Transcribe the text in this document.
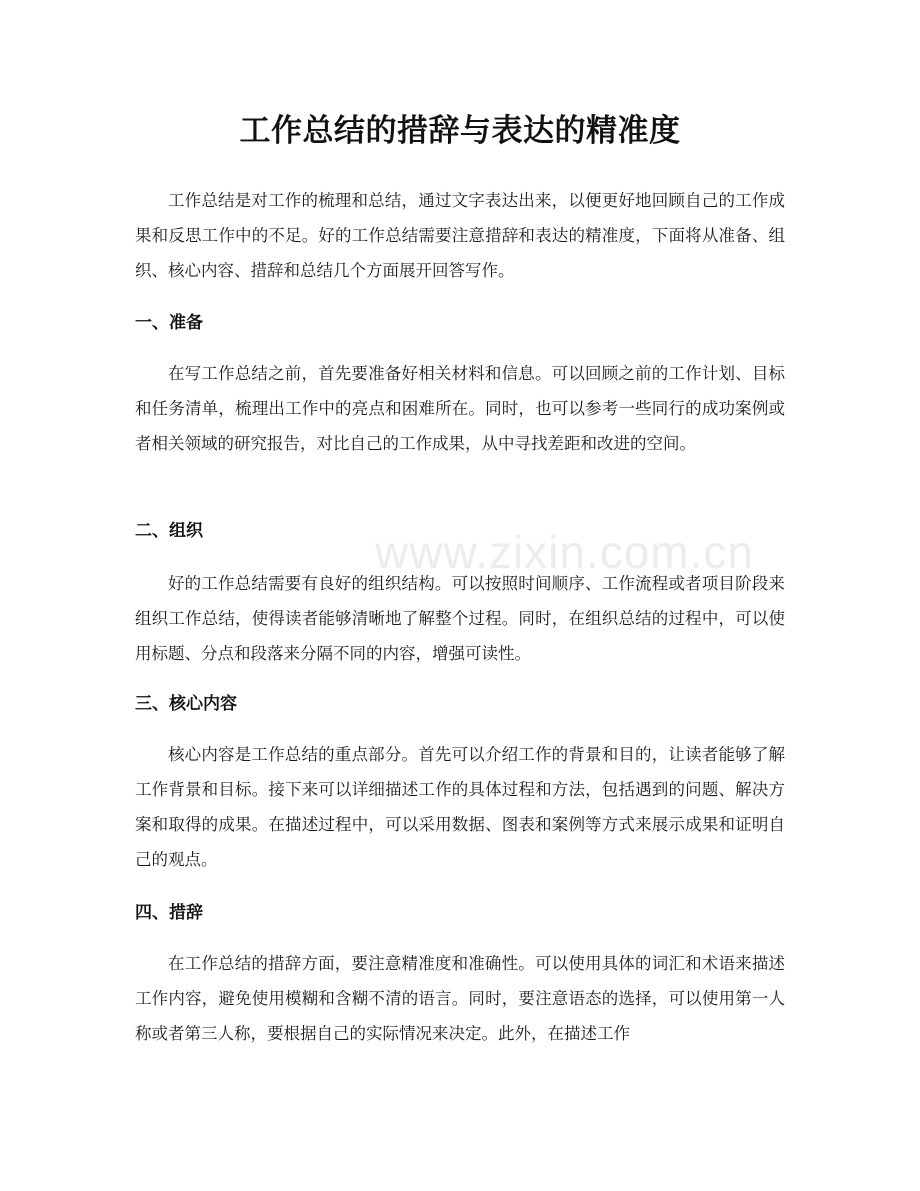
www.zixin.com.cn
工作总结的措辞与表达的精准度
工作总结是对工作的梳理和总结，通过文字表达出来，以便更好地回顾自己的工作成果和反思工作中的不足。好的工作总结需要注意措辞和表达的精准度，下面将从准备、组织、核心内容、措辞和总结几个方面展开回答写作。
一、准备
在写工作总结之前，首先要准备好相关材料和信息。可以回顾之前的工作计划、目标和任务清单，梳理出工作中的亮点和困难所在。同时，也可以参考一些同行的成功案例或者相关领域的研究报告，对比自己的工作成果，从中寻找差距和改进的空间。
二、组织
好的工作总结需要有良好的组织结构。可以按照时间顺序、工作流程或者项目阶段来组织工作总结，使得读者能够清晰地了解整个过程。同时，在组织总结的过程中，可以使用标题、分点和段落来分隔不同的内容，增强可读性。
三、核心内容
核心内容是工作总结的重点部分。首先可以介绍工作的背景和目的，让读者能够了解工作背景和目标。接下来可以详细描述工作的具体过程和方法，包括遇到的问题、解决方案和取得的成果。在描述过程中，可以采用数据、图表和案例等方式来展示成果和证明自己的观点。
四、措辞
在工作总结的措辞方面，要注意精准度和准确性。可以使用具体的词汇和术语来描述工作内容，避免使用模糊和含糊不清的语言。同时，要注意语态的选择，可以使用第一人称或者第三人称，要根据自己的实际情况来决定。此外，在描述工作
